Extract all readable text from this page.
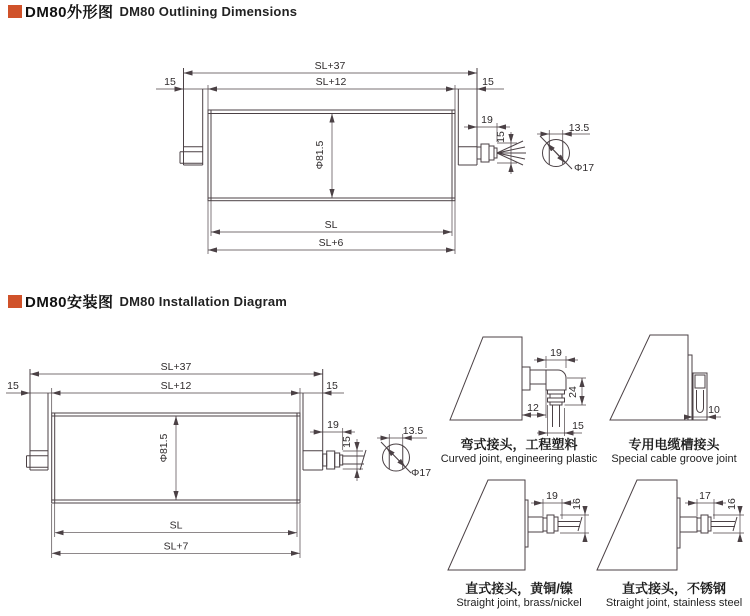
DM80外形图 DM80 Outlining Dimensions
SL+37
SL+12
15	15
19
15
Φ81.5
13.5
Φ17
SL
SL+6
DM80安装图 DM80 Installation Diagram
SL+37
SL+12
15	15
19
15
Φ81.5
13.5
Φ17
SL
SL+7
19
24
12
15
弯式接头，工程塑料
Curved joint, engineering plastic
10
专用电缆槽接头
Special cable groove joint
19
16
直式接头，黄铜/镍
Straight joint, brass/nickel
17
16
直式接头，不锈钢
Straight joint, stainless steel
